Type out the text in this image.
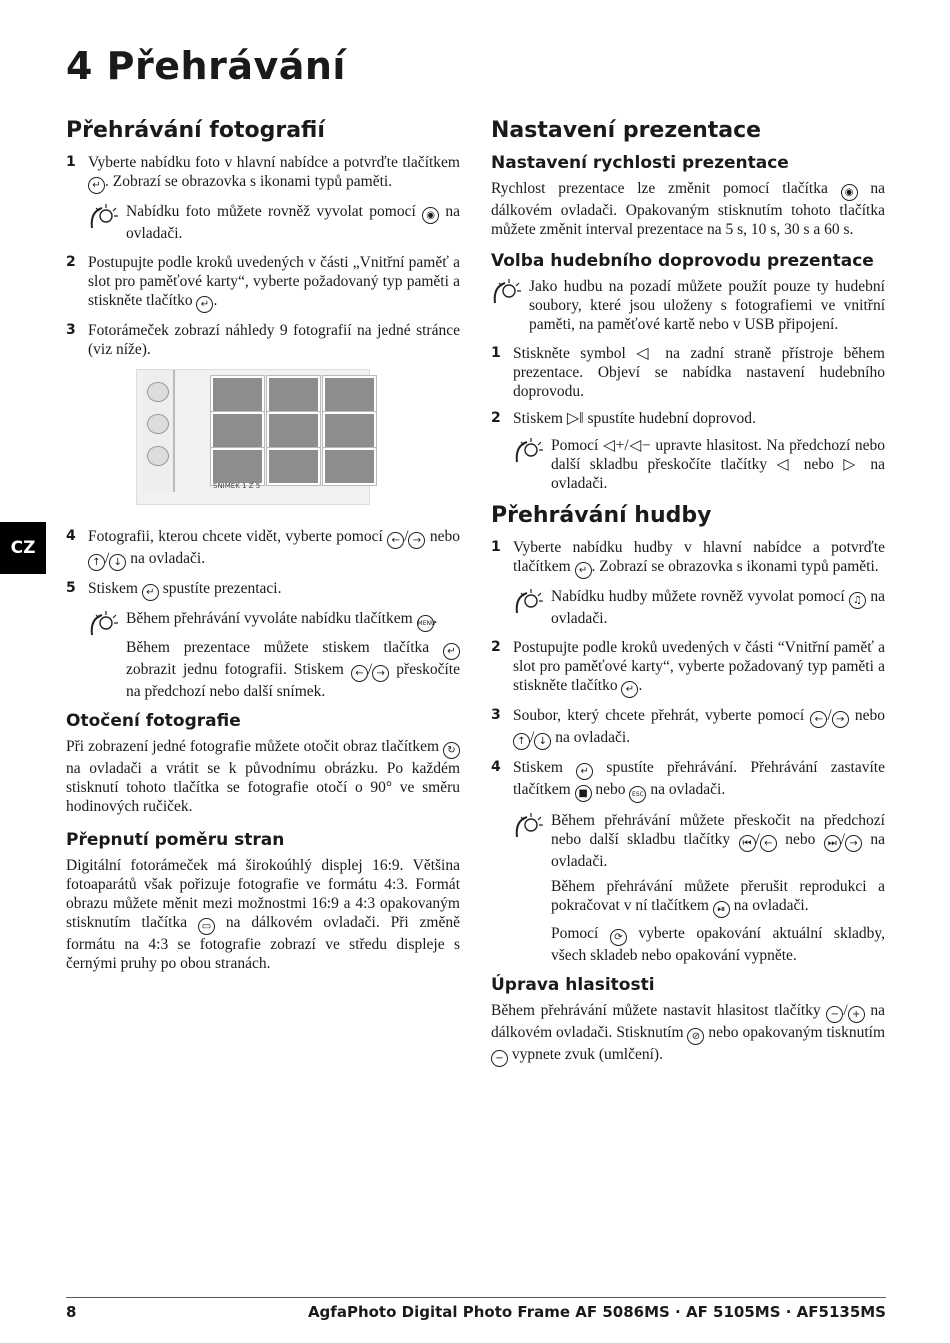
4 Přehrávání
CZ
Přehrávání fotografií
1 Vyberte nabídku foto v hlavní nabídce a potvrďte tlačítkem ↵ . Zobrazí se obrazovka s ikonami typů paměti.
Nabídku foto můžete rovněž vyvolat pomocí ◉ na ovladači.
2 Postupujte podle kroků uvedených v části „Vnitřní paměť a slot pro paměťové karty“, vyberte požadovaný typ paměti a stiskněte tlačítko ↵ .
3 Fotorámeček zobrazí náhledy 9 fotografií na jedné stránce (viz níže).
SNIMEK 1 Z 5
4 Fotografii, kterou chcete vidět, vyberte pomocí ← / → nebo ↑ / ↓ na ovladači.
5 Stiskem ↵ spustíte prezentaci.

Během přehrávání vyvoláte nabídku tlačítkem MENU.

Během prezentace můžete stiskem tlačítka ↵ zobrazit jednu fotografii. Stiskem ← / → přeskočíte na předchozí nebo další snímek.

Otočení fotografie

Při zobrazení jedné fotografie můžete otočit obraz tlačítkem ↻ na ovladači a vrátit se k původnímu obrázku. Po každém stisknutí tohoto tlačítka se fotografie otočí o 90° ve směru hodinových ručiček.

Přepnutí poměru stran

Digitální fotorámeček má širokoúhlý displej 16:9. Většina fotoaparátů však pořizuje fotografie ve formátu 4:3. Formát obrazu můžete měnit mezi možnostmi 16:9 a 4:3 opakovaným stisknutím tlačítka ▭ na dálkovém ovladači. Při změně formátu na 4:3 se fotografie zobrazí ve středu displeje s černými pruhy po obou stranách.

Nastavení prezentace
Nastavení rychlosti prezentace

Rychlost prezentace lze změnit pomocí tlačítka ◉ na dálkovém ovladači. Opakovaným stisknutím tohoto tlačítka můžete změnit interval prezentace na 5 s, 10 s, 30 s a 60 s.

Volba hudebního doprovodu prezentace
Jako hudbu na pozadí můžete použít pouze ty hudební soubory, které jsou uloženy s fotografiemi ve vnitřní paměti, na paměťové kartě nebo v USB připojení.
1 Stiskněte symbol ◁ na zadní straně přístroje během prezentace. Objeví se nabídka nastavení hudebního doprovodu.
2 Stiskem ▷‖ spustíte hudební doprovod.
Pomocí ◁+/◁− upravte hlasitost. Na předchozí nebo další skladbu přeskočíte tlačítky ◁ nebo ▷ na ovladači.
Přehrávání hudby
1 Vyberte nabídku hudby v hlavní nabídce a potvrďte tlačítkem ↵ . Zobrazí se obrazovka s ikonami typů paměti.
Nabídku hudby můžete rovněž vyvolat pomocí ♫ na ovladači.
2 Postupujte podle kroků uvedených v části “Vnitřní paměť a slot pro paměťové karty“, vyberte požadovaný typ paměti a stiskněte tlačítko ↵ .
3 Soubor, který chcete přehrát, vyberte pomocí ← / → nebo ↑ / ↓ na ovladači.
4 Stiskem ↵ spustíte přehrávání. Přehrávání zastavíte tlačítkem ■ nebo ESC na ovladači.

Během přehrávání můžete přeskočit na předchozí nebo další skladbu tlačítky ⏮ / ← nebo ⏭ / → na ovladači.

Během přehrávání můžete přerušit reprodukci a pokračovat v ní tlačítkem ⏯ na ovladači.

Pomocí ⟳ vyberte opakování aktuální skladby, všech skladeb nebo opakování vypněte.

Úprava hlasitosti

Během přehrávání můžete nastavit hlasitost tlačítky − / + na dálkovém ovladači. Stisknutím ⊘ nebo opakovaným tisknutím − vypnete zvuk (umlčení).

8	AgfaPhoto Digital Photo Frame AF 5086MS · AF 5105MS · AF5135MS
